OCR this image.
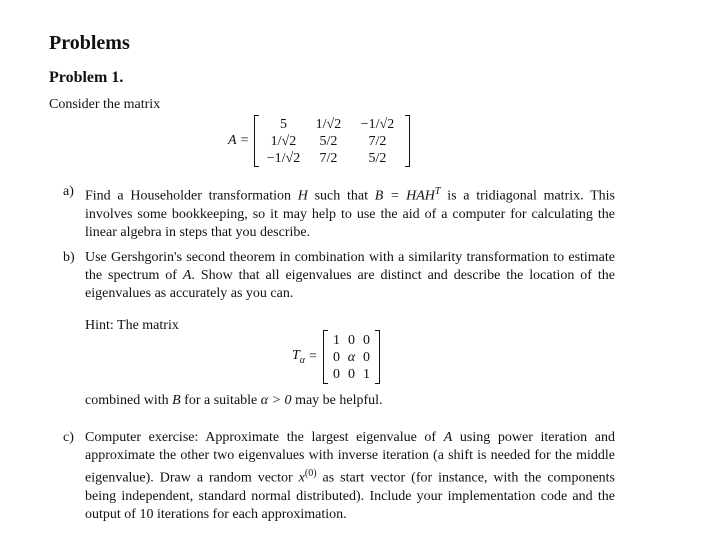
Problems
Problem 1.

Consider the matrix

A =
5	1/√2	−1/√2
1/√2	5/2	7/2
−1/√2	7/2	5/2
a) Find a Householder transformation H such that $B = HAH^T$ is a tridiagonal matrix. This involves some bookkeeping, so it may help to use the aid of a computer for calculating the linear algebra in steps that you describe.

b) Use Gershgorin's second theorem in combination with a similarity transformation to estimate the spectrum of A. Show that all eigenvalues are distinct and describe the location of the eigenvalues as accurately as you can.

Hint: The matrix

$T_\alpha$ =
1 0 0
0 α 0
0 0 1

combined with B for a suitable α > 0 may be helpful.

c) Computer exercise: Approximate the largest eigenvalue of A using power iteration and approximate the other two eigenvalues with inverse iteration (a shift is needed for the middle eigenvalue). Draw a random vector $x^{(0)}$ as start vector (for instance, with the components being independent, standard normal distributed). Include your implementation code and the output of 10 iterations for each approximation.
